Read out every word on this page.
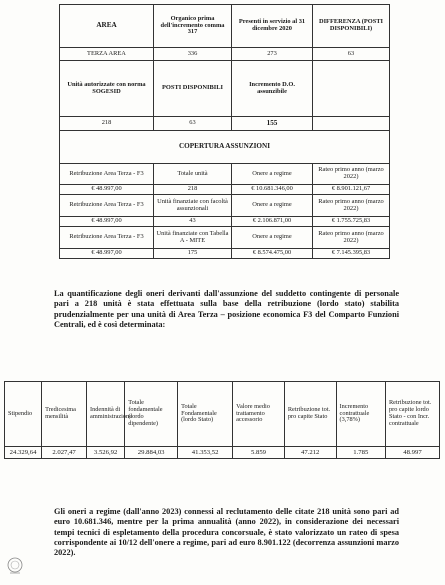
AREA	Organico prima dell'incremento comma 317	Presenti in servizio al 31 dicembre 2020	DIFFERENZA (POSTI DISPONIBILI)
TERZA AREA	336	273	63
Unità autorizzate con norma SOGESID	POSTI DISPONIBILI	Incremento D.O. assunzibile	
218	63	155	
COPERTURA ASSUNZIONI			
Retribuzione Area Terza - F3	Totale unità	Onere a regime	Rateo primo anno (marzo 2022)
€ 48.997,00	218	€ 10.681.346,00	€ 8.901.121,67
Retribuzione Area Terza - F3	Unità finanziate con facoltà assunzionali	Onere a regime	Rateo primo anno (marzo 2022)
€ 48.997,00	43	€ 2.106.871,00	€ 1.755.725,83
Retribuzione Area Terza - F3	Unità finanziate con Tabella A - MITE	Onere a regime	Rateo primo anno (marzo 2022)
€ 48.997,00	175	€ 8.574.475,00	€ 7.145.395,83
La quantificazione degli oneri derivanti dall'assunzione del suddetto contingente di personale pari a 218 unità è stata effettuata sulla base della retribuzione (lordo stato) stabilita prudenzialmente per una unità di Area Terza – posizione economica F3 del Comparto Funzioni Centrali, ed è così determinata:
Stipendio	Tredicesima mensilità	Indennità di amministrazione	Totale fondamentale (lordo dipendente)	Totale Fondamentale (lordo Stato)	Valore medio trattamento accessorio	Retribuzione tot. pro capite Stato	Incremento contrattuale (3,78%)	Retribuzione tot. pro capite lordo Stato - con Incr. contrattuale
24.329,64	2.027,47	3.526,92	29.884,03	41.353,52	5.859	47.212	1.785	48.997
Gli oneri a regime (dall'anno 2023) connessi al reclutamento delle citate 218 unità sono pari ad euro 10.681.346, mentre per la prima annualità (anno 2022), in considerazione dei necessari tempi tecnici di espletamento della procedura concorsuale, è stato valorizzato un rateo di spesa corrispondente ai 10/12 dell'onere a regime, pari ad euro 8.901.122 (decorrenza assunzioni marzo 2022).
